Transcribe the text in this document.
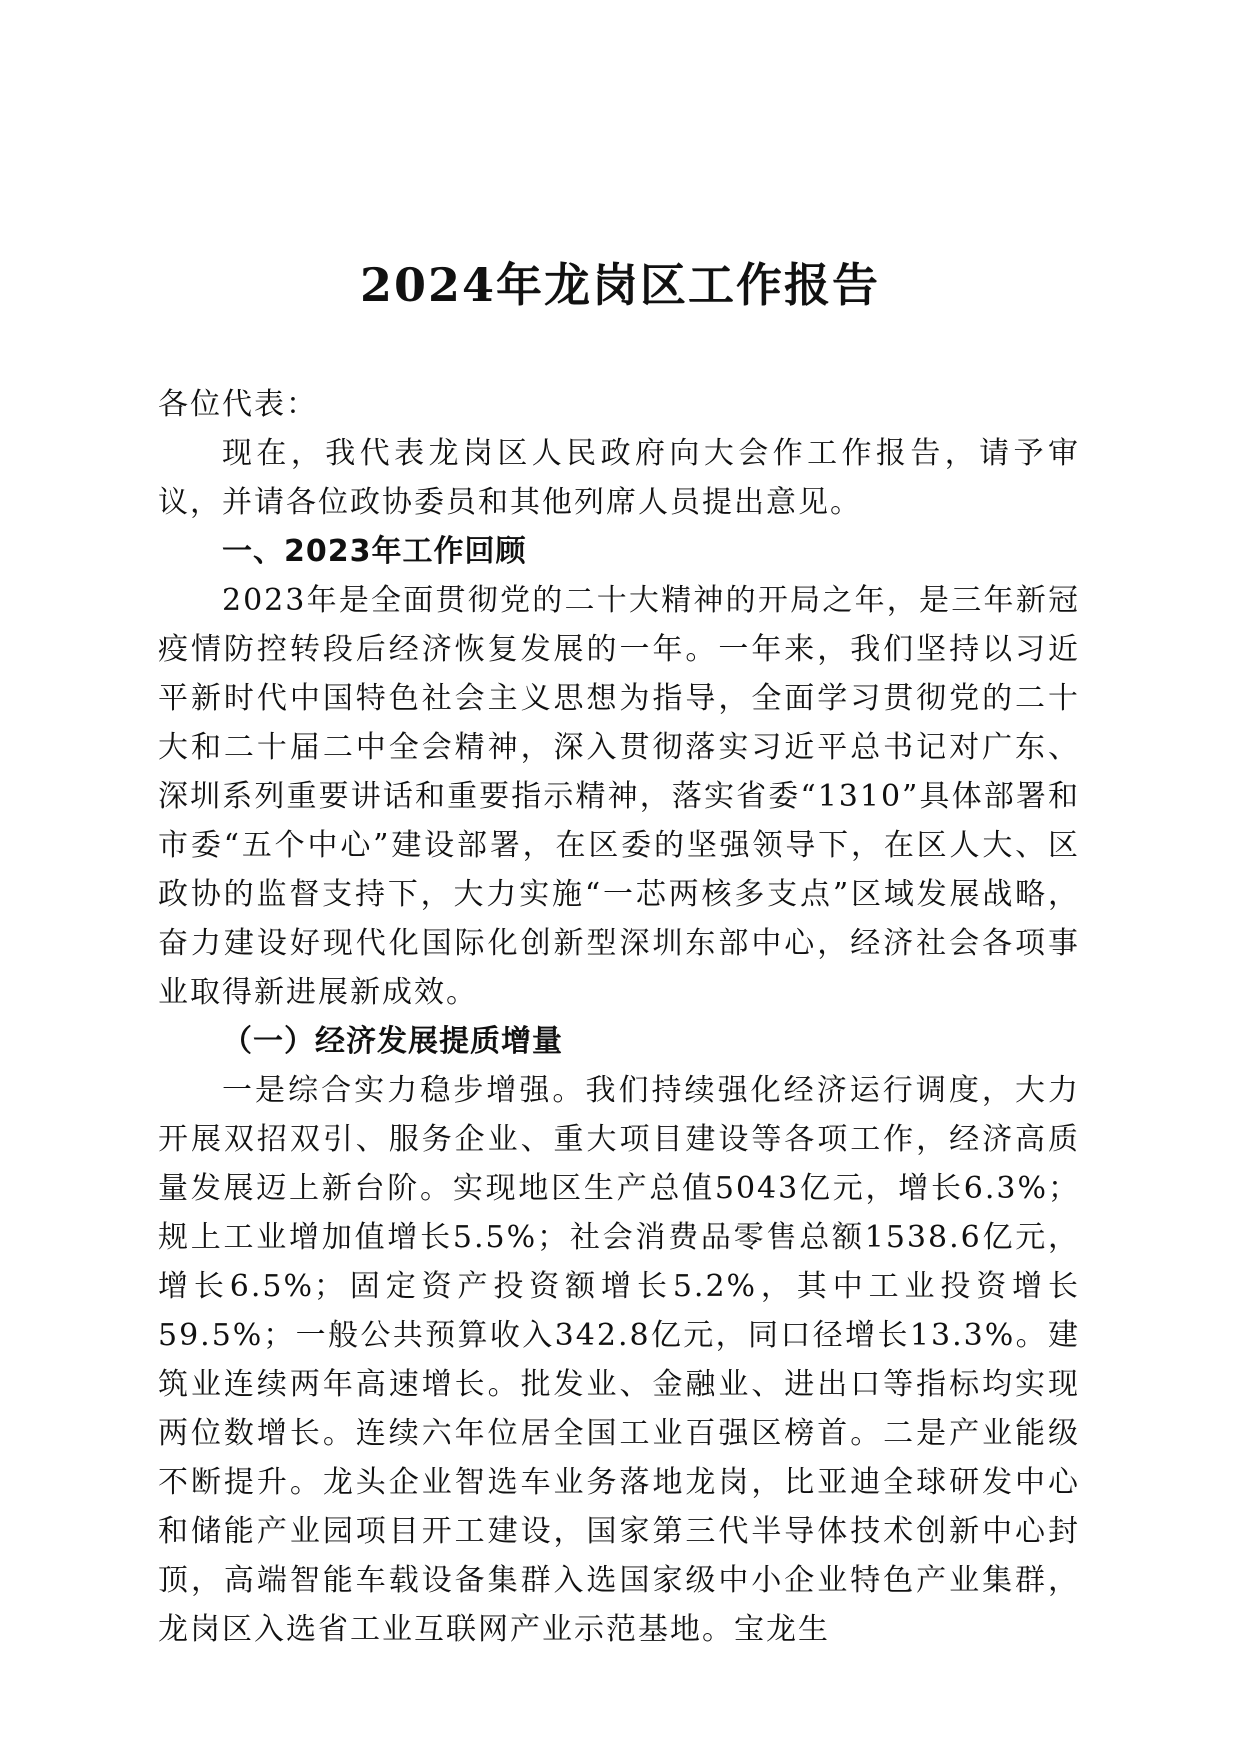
2024年龙岗区工作报告

各位代表：

现在，我代表龙岗区人民政府向大会作工作报告，请予审议，并请各位政协委员和其他列席人员提出意见。

一、2023年工作回顾

2023年是全面贯彻党的二十大精神的开局之年，是三年新冠疫情防控转段后经济恢复发展的一年。一年来，我们坚持以习近平新时代中国特色社会主义思想为指导，全面学习贯彻党的二十大和二十届二中全会精神，深入贯彻落实习近平总书记对广东、深圳系列重要讲话和重要指示精神，落实省委“1310”具体部署和市委“五个中心”建设部署，在区委的坚强领导下，在区人大、区政协的监督支持下，大力实施“一芯两核多支点”区域发展战略，奋力建设好现代化国际化创新型深圳东部中心，经济社会各项事业取得新进展新成效。

（一）经济发展提质增量

一是综合实力稳步增强。我们持续强化经济运行调度，大力开展双招双引、服务企业、重大项目建设等各项工作，经济高质量发展迈上新台阶。实现地区生产总值5043亿元，增长6.3%；规上工业增加值增长5.5%；社会消费品零售总额1538.6亿元，增长6.5%；固定资产投资额增长5.2%，其中工业投资增长59.5%；一般公共预算收入342.8亿元，同口径增长13.3%。建筑业连续两年高速增长。批发业、金融业、进出口等指标均实现两位数增长。连续六年位居全国工业百强区榜首。二是产业能级不断提升。龙头企业智选车业务落地龙岗，比亚迪全球研发中心和储能产业园项目开工建设，国家第三代半导体技术创新中心封顶，高端智能车载设备集群入选国家级中小企业特色产业集群，龙岗区入选省工业互联网产业示范基地。宝龙生
